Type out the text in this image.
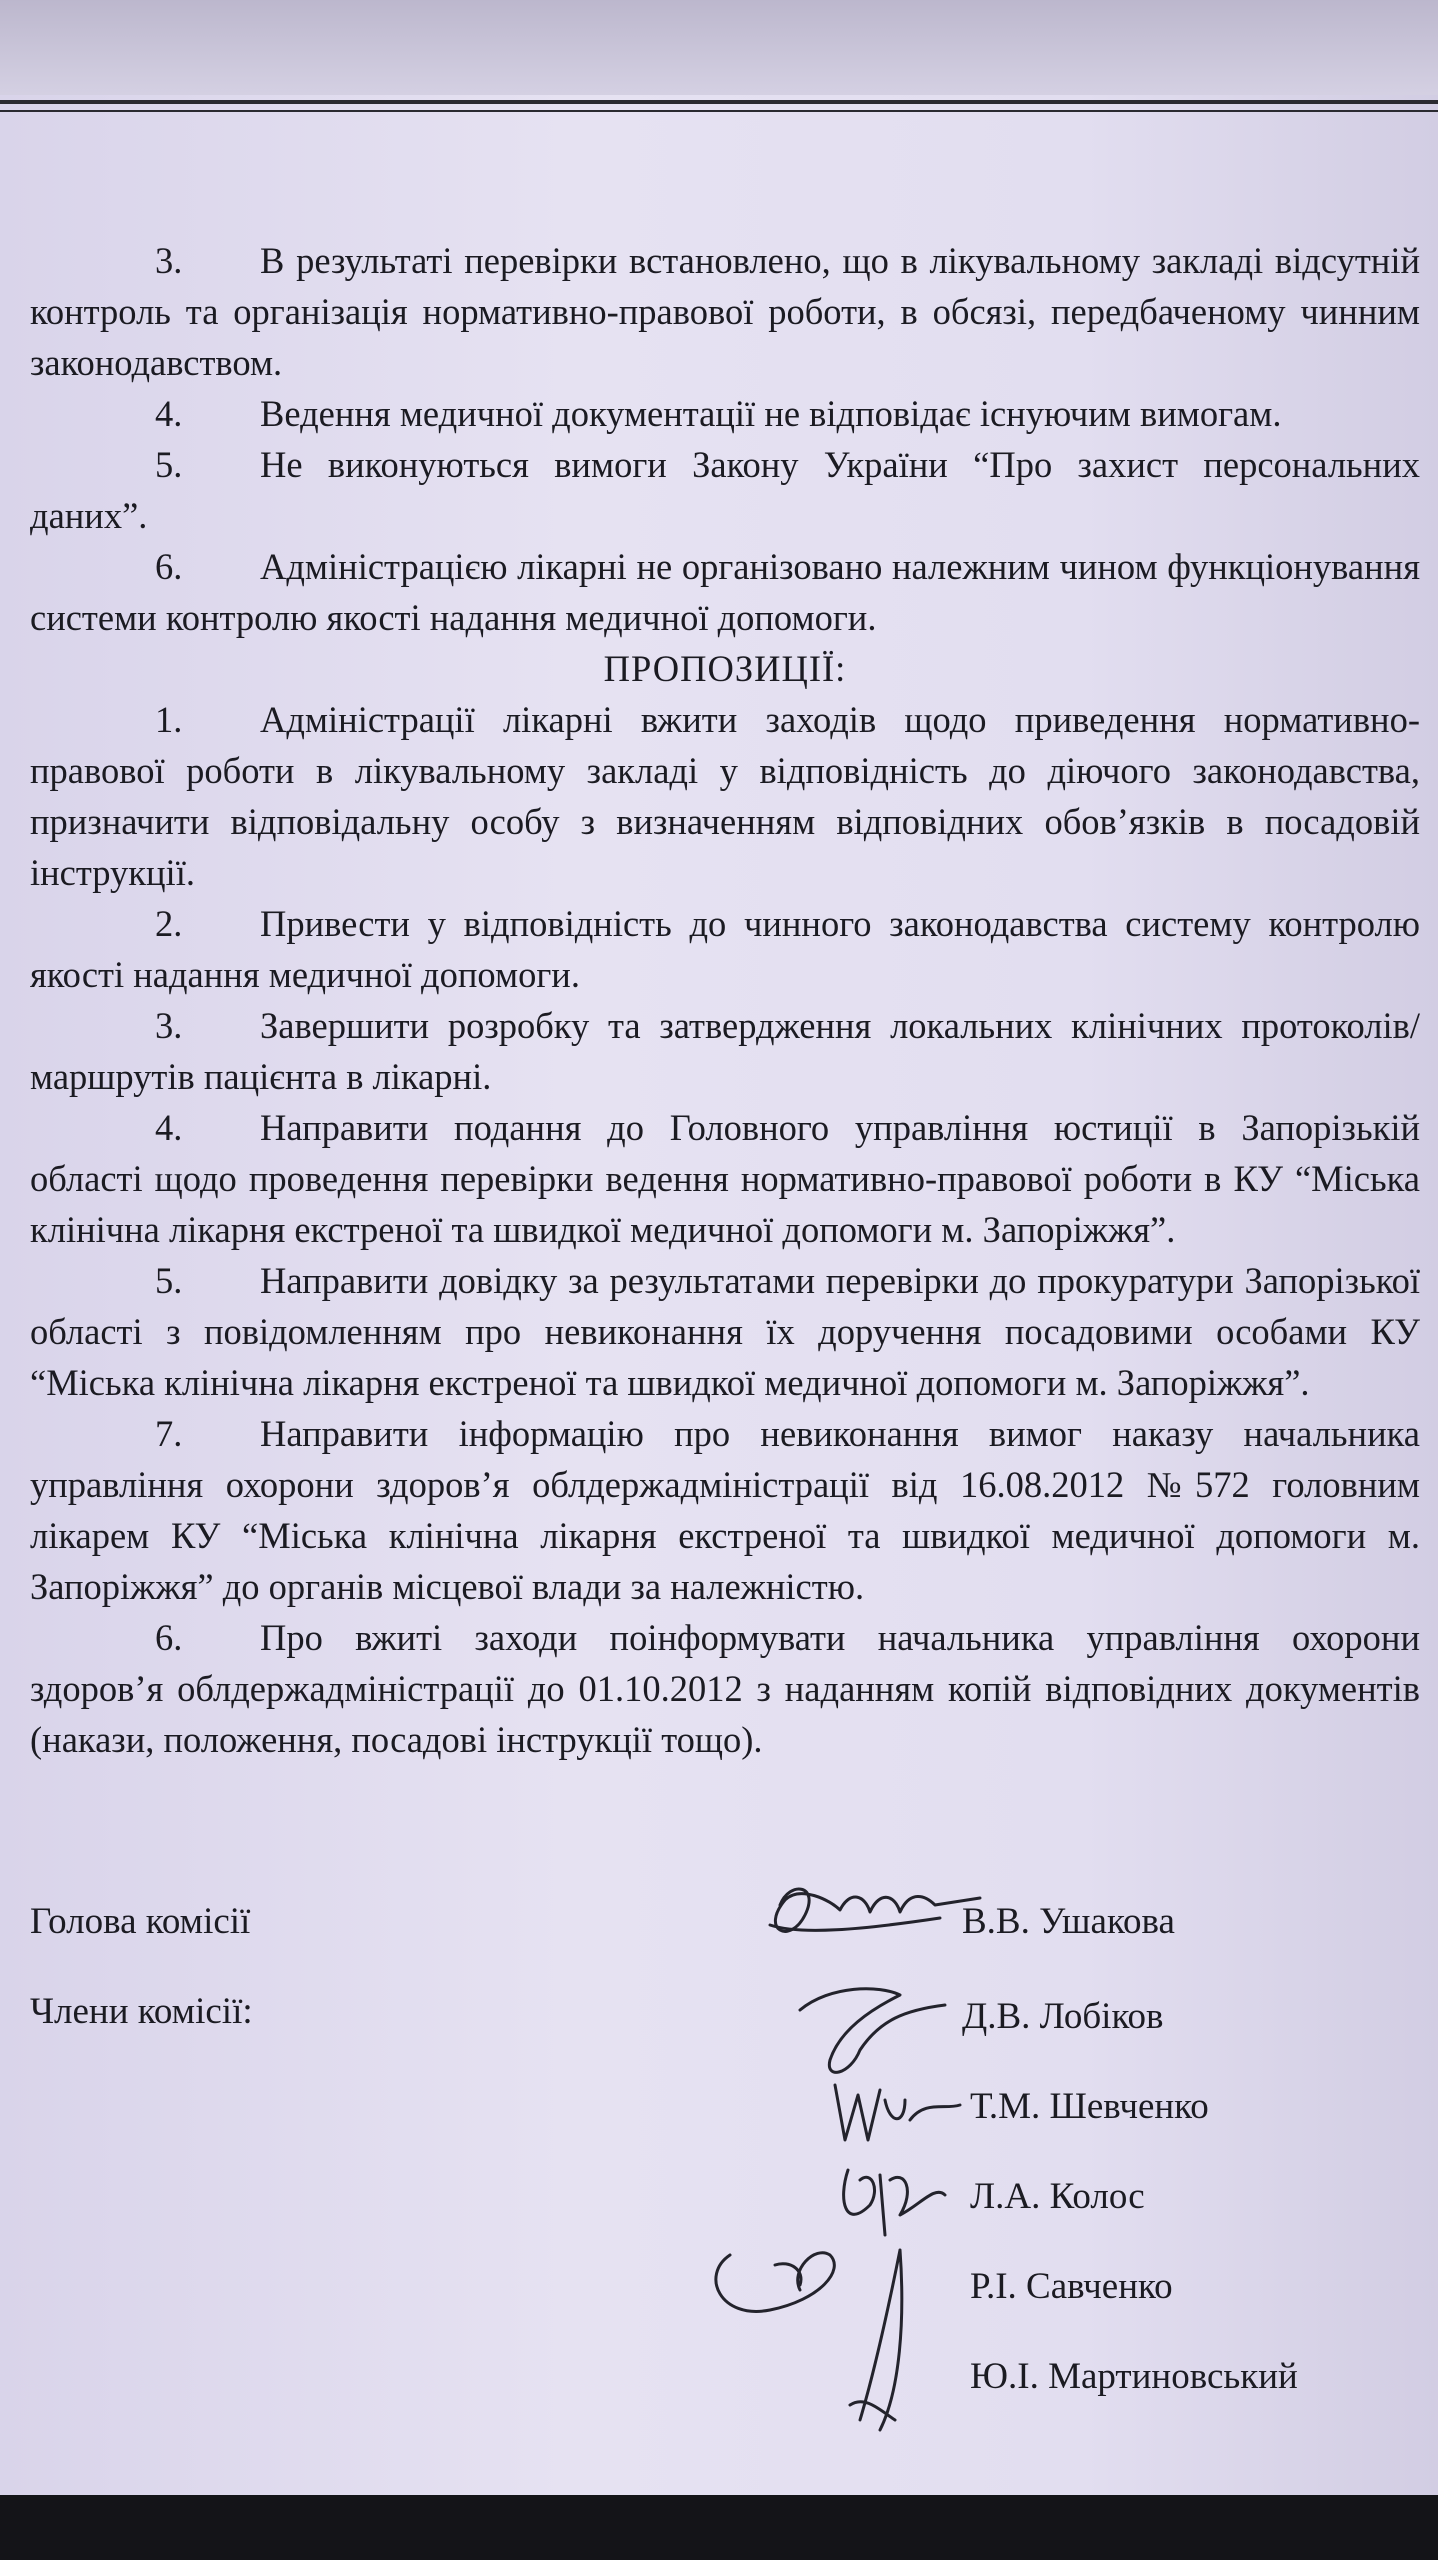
3. В результаті перевірки встановлено, що в лікувальному закладі відсутній контроль та організація нормативно-правової роботи, в обсязі, передбаченому чинним законодавством.
4. Ведення медичної документації не відповідає існуючим вимогам.
5. Не виконуються вимоги Закону України “Про захист персональних даних”.
6. Адміністрацією лікарні не організовано належним чином функціонування системи контролю якості надання медичної допомоги.
ПРОПОЗИЦІЇ:
1. Адміністрації лікарні вжити заходів щодо приведення нормативно-правової роботи в лікувальному закладі у відповідність до діючого законодавства, призначити відповідальну особу з визначенням відповідних обов’язків в посадовій інструкції.
2. Привести у відповідність до чинного законодавства систему контролю якості надання медичної допомоги.
3. Завершити розробку та затвердження локальних клінічних протоколів/маршрутів пацієнта в лікарні.
4. Направити подання до Головного управління юстиції в Запорізькій області щодо проведення перевірки ведення нормативно-правової роботи в КУ “Міська клінічна лікарня екстреної та швидкої медичної допомоги м. Запоріжжя”.
5. Направити довідку за результатами перевірки до прокуратури Запорізької області з повідомленням про невиконання їх доручення посадовими особами КУ “Міська клінічна лікарня екстреної та швидкої медичної допомоги м. Запоріжжя”.
7. Направити інформацію про невиконання вимог наказу начальника управління охорони здоров’я облдержадміністрації від 16.08.2012 №572 головним лікарем КУ “Міська клінічна лікарня екстреної та швидкої медичної допомоги м. Запоріжжя” до органів місцевої влади за належністю.
6. Про вжиті заходи поінформувати начальника управління охорони здоров’я облдержадміністрації до 01.10.2012 з наданням копій відповідних документів (накази, положення, посадові інструкції тощо).
Голова комісії
Члени комісії:
В.В. Ушакова
Д.В. Лобіков
Т.М. Шевченко
Л.А. Колос
Р.І. Савченко
Ю.І. Мартиновський
